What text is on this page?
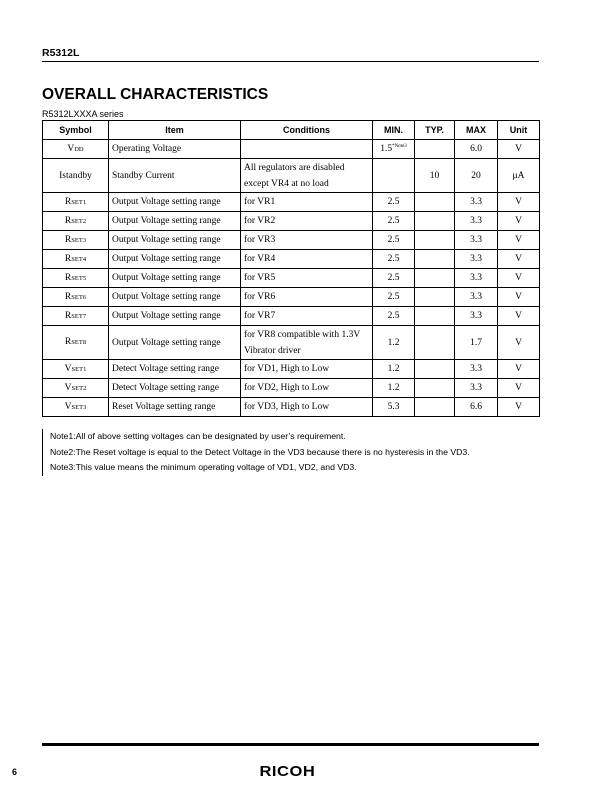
R5312L
OVERALL CHARACTERISTICS
R5312LXXXA series
Symbol	Item	Conditions	MIN.	TYP.	MAX	Unit
VDD	Operating Voltage		$1.5^{*Note3}$		6.0	V
Istandby	Standby Current	All regulators are disabled except VR4 at no load		10	20	μA
RSET1	Output Voltage setting range	for VR1	2.5		3.3	V
RSET2	Output Voltage setting range	for VR2	2.5		3.3	V
RSET3	Output Voltage setting range	for VR3	2.5		3.3	V
RSET4	Output Voltage setting range	for VR4	2.5		3.3	V
RSET5	Output Voltage setting range	for VR5	2.5		3.3	V
RSET6	Output Voltage setting range	for VR6	2.5		3.3	V
RSET7	Output Voltage setting range	for VR7	2.5		3.3	V
RSET8	Output Voltage setting range	for VR8 compatible with 1.3V Vibrator driver	1.2		1.7	V
VSET1	Detect Voltage setting range	for VD1, High to Low	1.2		3.3	V
VSET2	Detect Voltage setting range	for VD2, High to Low	1.2		3.3	V
VSET3	Reset Voltage setting range	for VD3, High to Low	5.3		6.6	V
Note1:All of above setting voltages can be designated by user’s requirement.
Note2:The Reset voltage is equal to the Detect Voltage in the VD3 because there is no hysteresis in the VD3.
Note3:This value means the minimum operating voltage of VD1, VD2, and VD3.
6	RICOH
